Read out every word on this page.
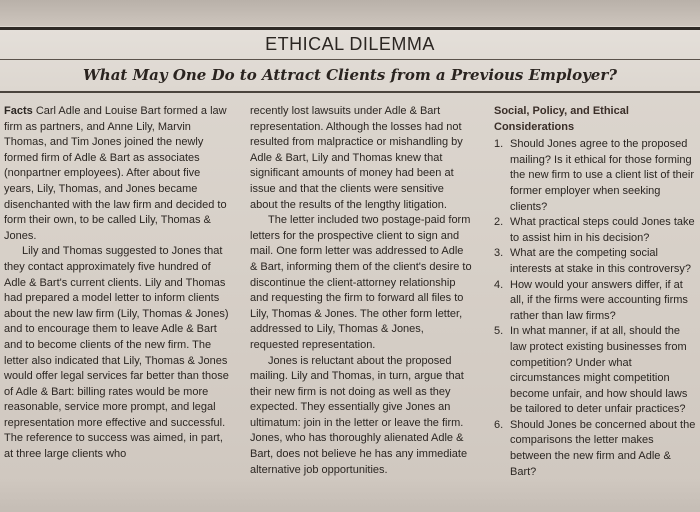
ETHICAL DILEMMA
What May One Do to Attract Clients from a Previous Employer?

Facts Carl Adle and Louise Bart formed a law firm as partners, and Anne Lily, Marvin Thomas, and Tim Jones joined the newly formed firm of Adle & Bart as associates (nonpartner employees). After about five years, Lily, Thomas, and Jones became disenchanted with the law firm and decided to form their own, to be called Lily, Thomas & Jones.

Lily and Thomas suggested to Jones that they contact approximately five hundred of Adle & Bart's current clients. Lily and Thomas had prepared a model letter to inform clients about the new law firm (Lily, Thomas & Jones) and to encourage them to leave Adle & Bart and to become clients of the new firm. The letter also indicated that Lily, Thomas & Jones would offer legal services far better than those of Adle & Bart: billing rates would be more reasonable, service more prompt, and legal representation more effective and successful. The reference to success was aimed, in part, at three large clients who

recently lost lawsuits under Adle & Bart representation. Although the losses had not resulted from malpractice or mishandling by Adle & Bart, Lily and Thomas knew that significant amounts of money had been at issue and that the clients were sensitive about the results of the lengthy litigation.

The letter included two postage-paid form letters for the prospective client to sign and mail. One form letter was addressed to Adle & Bart, informing them of the client's desire to discontinue the client-attorney relationship and requesting the firm to forward all files to Lily, Thomas & Jones. The other form letter, addressed to Lily, Thomas & Jones, requested representation.

Jones is reluctant about the proposed mailing. Lily and Thomas, in turn, argue that their new firm is not doing as well as they expected. They essentially give Jones an ultimatum: join in the letter or leave the firm. Jones, who has thoroughly alienated Adle & Bart, does not believe he has any immediate alternative job opportunities.

Social, Policy, and Ethical
Considerations
1. Should Jones agree to the proposed mailing? Is it ethical for those forming the new firm to use a client list of their former employer when seeking clients?
2. What practical steps could Jones take to assist him in his decision?
3. What are the competing social interests at stake in this controversy?
4. How would your answers differ, if at all, if the firms were accounting firms rather than law firms?
5. In what manner, if at all, should the law protect existing businesses from competition? Under what circumstances might competition become unfair, and how should laws be tailored to deter unfair practices?
6. Should Jones be concerned about the comparisons the letter makes between the new firm and Adle & Bart?
